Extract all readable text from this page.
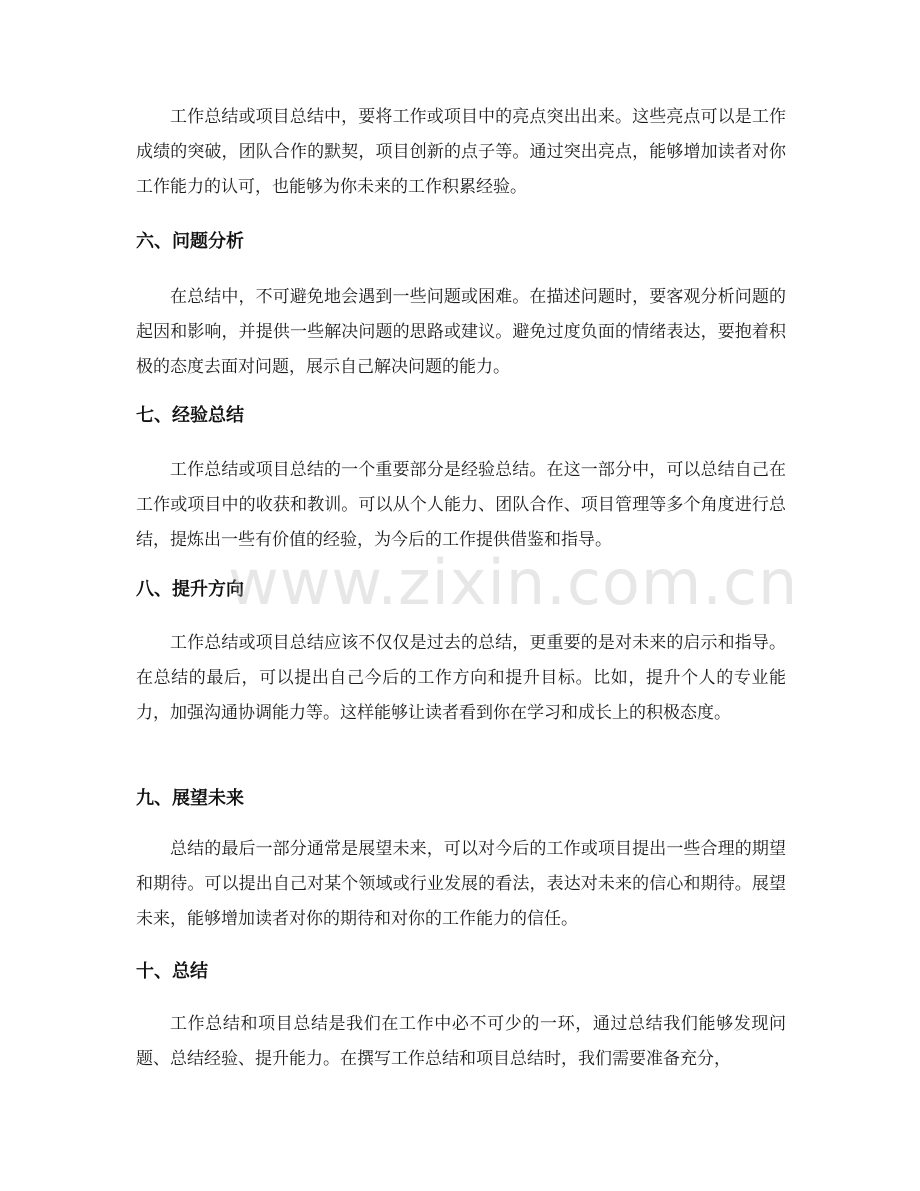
工作总结或项目总结中，要将工作或项目中的亮点突出出来。这些亮点可以是工作成绩的突破，团队合作的默契，项目创新的点子等。通过突出亮点，能够增加读者对你工作能力的认可，也能够为你未来的工作积累经验。

六、问题分析

在总结中，不可避免地会遇到一些问题或困难。在描述问题时，要客观分析问题的起因和影响，并提供一些解决问题的思路或建议。避免过度负面的情绪表达，要抱着积极的态度去面对问题，展示自己解决问题的能力。

七、经验总结

工作总结或项目总结的一个重要部分是经验总结。在这一部分中，可以总结自己在工作或项目中的收获和教训。可以从个人能力、团队合作、项目管理等多个角度进行总结，提炼出一些有价值的经验，为今后的工作提供借鉴和指导。

八、提升方向

工作总结或项目总结应该不仅仅是过去的总结，更重要的是对未来的启示和指导。在总结的最后，可以提出自己今后的工作方向和提升目标。比如，提升个人的专业能力，加强沟通协调能力等。这样能够让读者看到你在学习和成长上的积极态度。

九、展望未来

总结的最后一部分通常是展望未来，可以对今后的工作或项目提出一些合理的期望和期待。可以提出自己对某个领域或行业发展的看法，表达对未来的信心和期待。展望未来，能够增加读者对你的期待和对你的工作能力的信任。

十、总结

工作总结和项目总结是我们在工作中必不可少的一环，通过总结我们能够发现问题、总结经验、提升能力。在撰写工作总结和项目总结时，我们需要准备充分，

www.zixin.com.cn
